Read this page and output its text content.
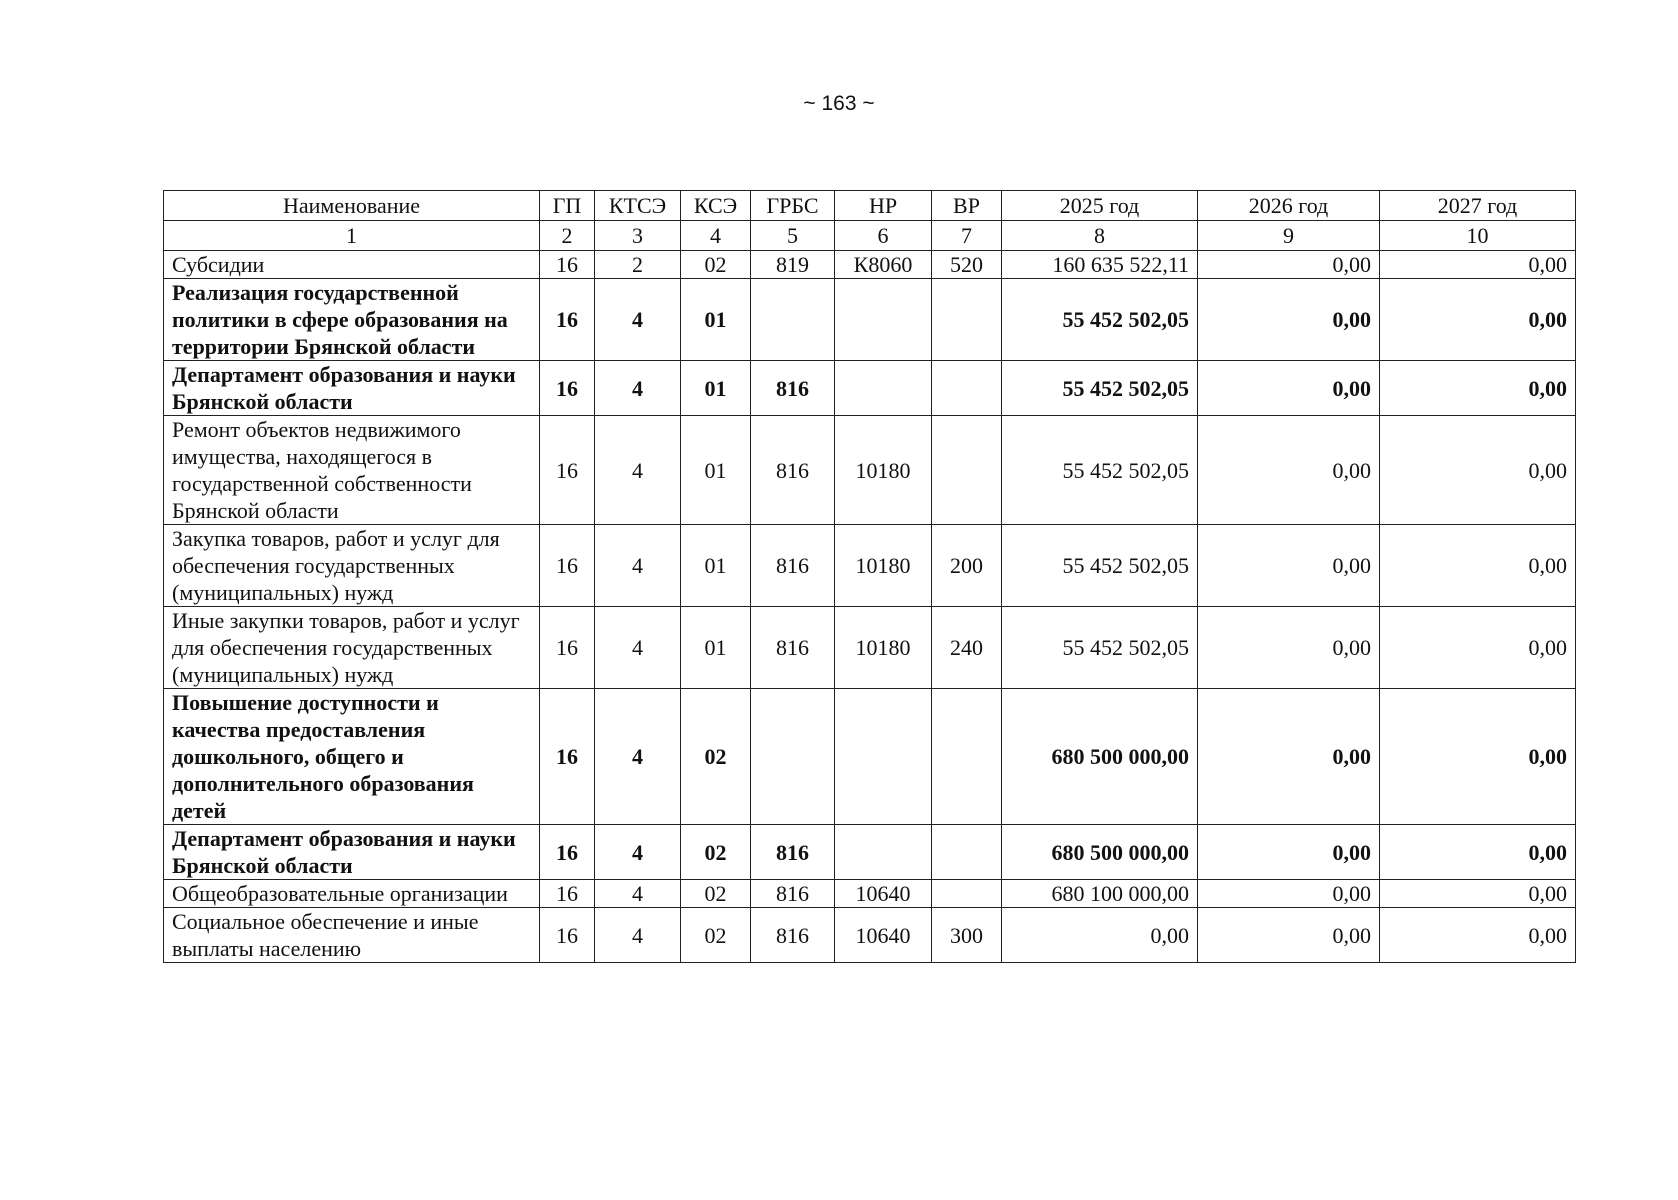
~ 163 ~
Наименование	ГП	КТСЭ	КСЭ	ГРБС	НР	ВР	2025 год	2026 год	2027 год
1	2	3	4	5	6	7	8	9	10
Субсидии	16	2	02	819	К8060	520	160 635 522,11	0,00	0,00
Реализация государственной политики в сфере образования на территории Брянской области	16	4	01				55 452 502,05	0,00	0,00
Департамент образования и науки Брянской области	16	4	01	816			55 452 502,05	0,00	0,00
Ремонт объектов недвижимого имущества, находящегося в государственной собственности Брянской области	16	4	01	816	10180		55 452 502,05	0,00	0,00
Закупка товаров, работ и услуг для обеспечения государственных (муниципальных) нужд	16	4	01	816	10180	200	55 452 502,05	0,00	0,00
Иные закупки товаров, работ и услуг для обеспечения государственных (муниципальных) нужд	16	4	01	816	10180	240	55 452 502,05	0,00	0,00
Повышение доступности и качества предоставления дошкольного, общего и дополнительного образования детей	16	4	02				680 500 000,00	0,00	0,00
Департамент образования и науки Брянской области	16	4	02	816			680 500 000,00	0,00	0,00
Общеобразовательные организации	16	4	02	816	10640		680 100 000,00	0,00	0,00
Социальное обеспечение и иные выплаты населению	16	4	02	816	10640	300	0,00	0,00	0,00
